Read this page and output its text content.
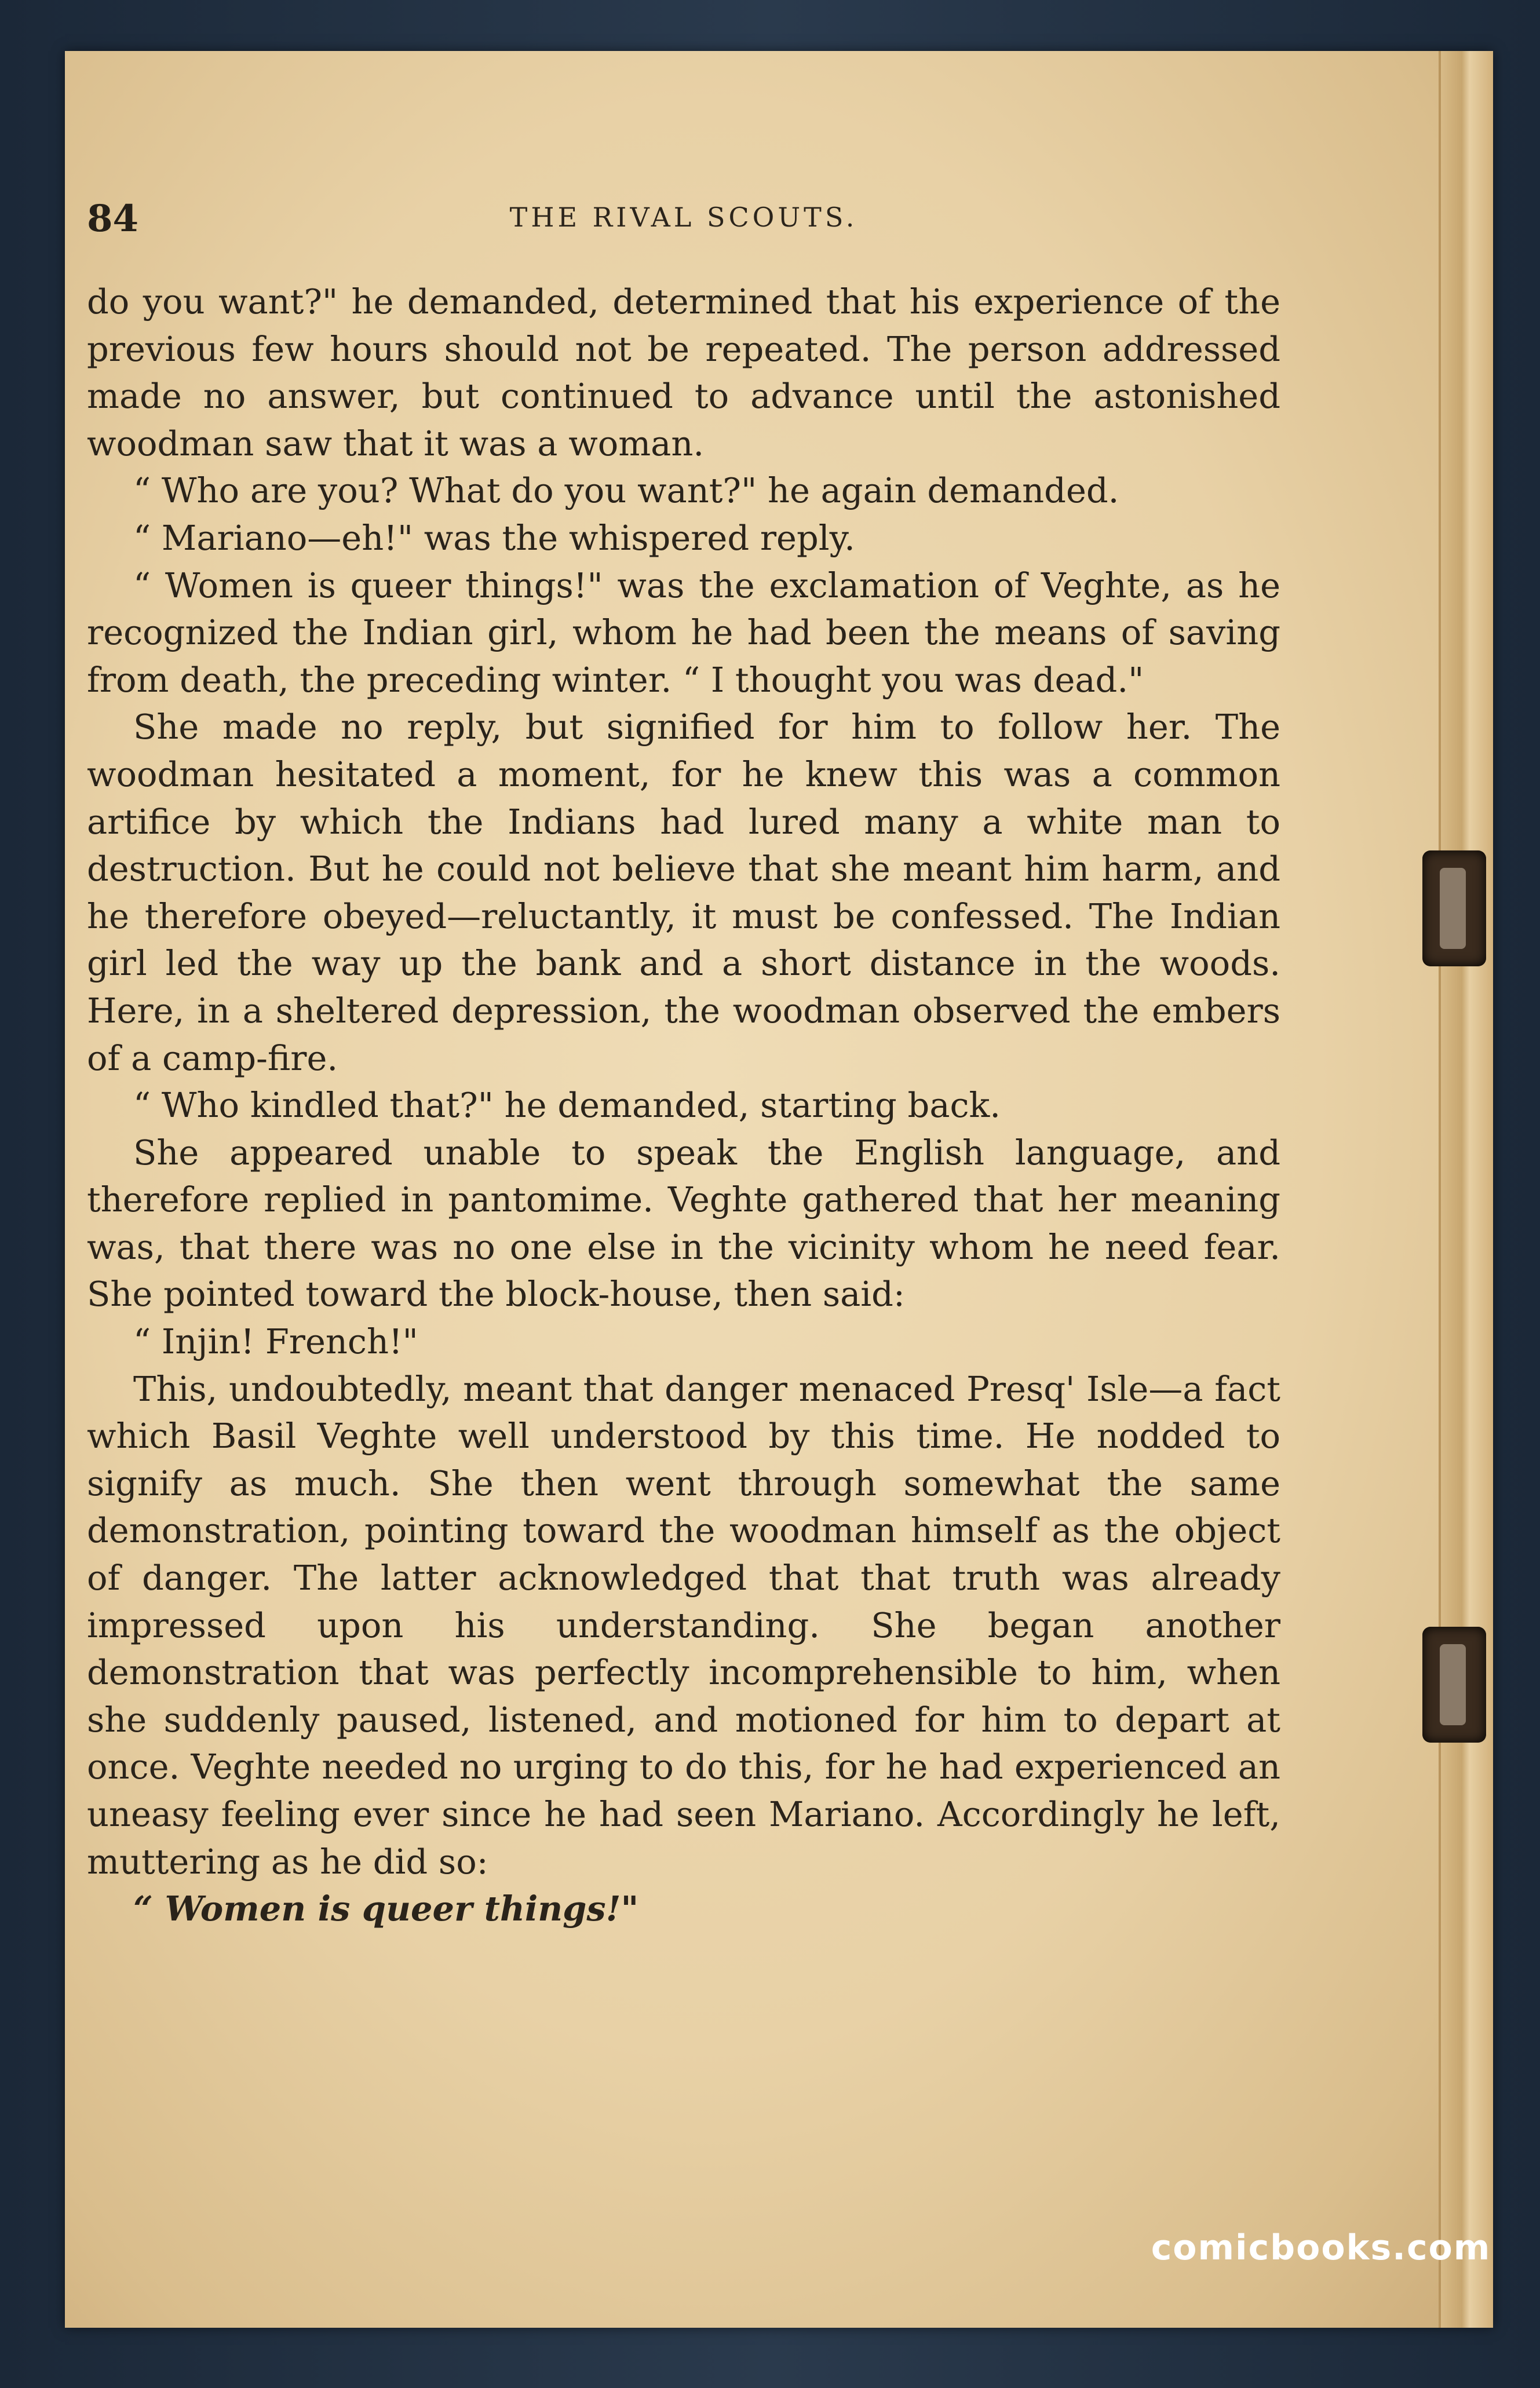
84	THE RIVAL SCOUTS.

do you want?" he demanded, determined that his experience of the previous few hours should not be repeated. The person addressed made no answer, but continued to advance until the astonished woodman saw that it was a woman.

“ Who are you? What do you want?" he again demanded.

“ Mariano—eh!" was the whispered reply.

“ Women is queer things!" was the exclamation of Veghte, as he recognized the Indian girl, whom he had been the means of saving from death, the preceding winter. “ I thought you was dead."

She made no reply, but signified for him to follow her. The woodman hesitated a moment, for he knew this was a common artifice by which the Indians had lured many a white man to destruction. But he could not believe that she meant him harm, and he therefore obeyed—reluctantly, it must be confessed. The Indian girl led the way up the bank and a short distance in the woods. Here, in a sheltered depression, the woodman observed the embers of a camp-fire.

“ Who kindled that?" he demanded, starting back.

She appeared unable to speak the English language, and therefore replied in pantomime. Veghte gathered that her meaning was, that there was no one else in the vicinity whom he need fear. She pointed toward the block-house, then said:

“ Injin! French!"

This, undoubtedly, meant that danger menaced Presq' Isle—a fact which Basil Veghte well understood by this time. He nodded to signify as much. She then went through somewhat the same demonstration, pointing toward the woodman himself as the object of danger. The latter acknowledged that that truth was already impressed upon his understanding. She began another demonstration that was perfectly incomprehensible to him, when she suddenly paused, listened, and motioned for him to depart at once. Veghte needed no urging to do this, for he had experienced an uneasy feeling ever since he had seen Mariano. Accordingly he left, muttering as he did so:

“ Women is queer things!"

comicbooks.com
